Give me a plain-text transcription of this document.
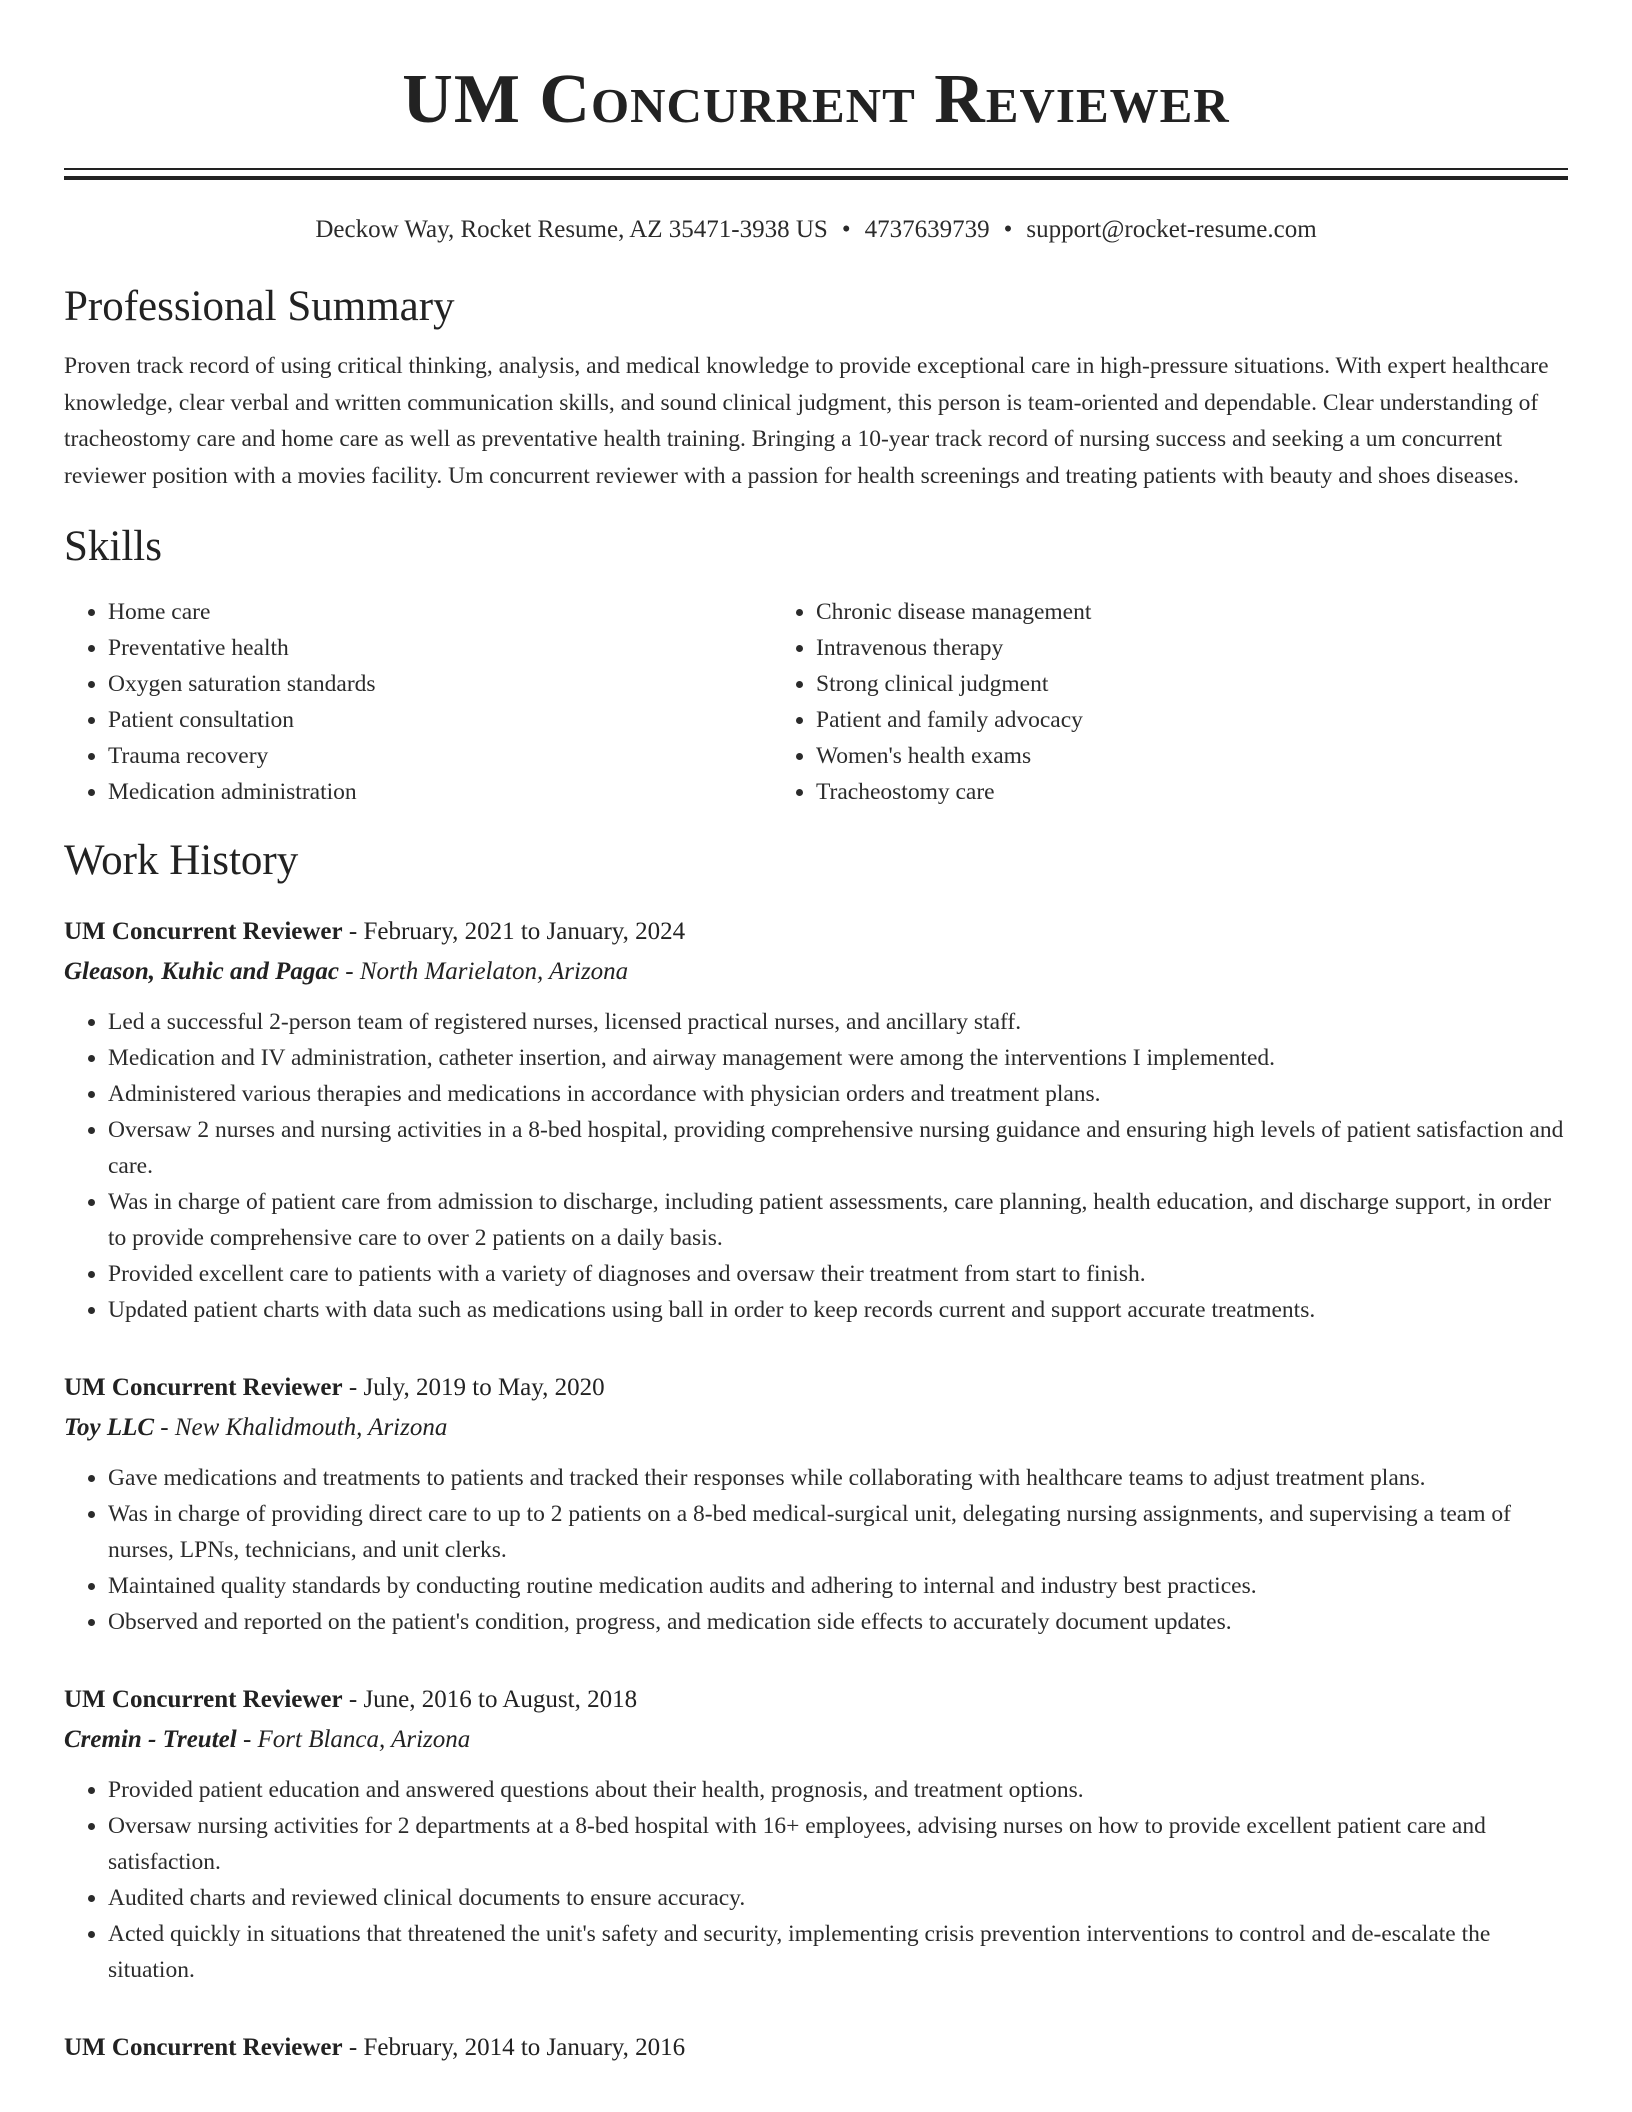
UM Concurrent Reviewer
Deckow Way, Rocket Resume, AZ 35471-3938 US • 4737639739 • support@rocket-resume.com
Professional Summary

Proven track record of using critical thinking, analysis, and medical knowledge to provide exceptional care in high-pressure situations. With expert healthcare knowledge, clear verbal and written communication skills, and sound clinical judgment, this person is team-oriented and dependable. Clear understanding of tracheostomy care and home care as well as preventative health training. Bringing a 10-year track record of nursing success and seeking a um concurrent reviewer position with a movies facility. Um concurrent reviewer with a passion for health screenings and treating patients with beauty and shoes diseases.

Skills
• Home care
• Preventative health
• Oxygen saturation standards
• Patient consultation
• Trauma recovery
• Medication administration
• Chronic disease management
• Intravenous therapy
• Strong clinical judgment
• Patient and family advocacy
• Women's health exams
• Tracheostomy care
Work History
UM Concurrent Reviewer - February, 2021 to January, 2024
Gleason, Kuhic and Pagac - North Marielaton, Arizona
• Led a successful 2-person team of registered nurses, licensed practical nurses, and ancillary staff.
• Medication and IV administration, catheter insertion, and airway management were among the interventions I implemented.
• Administered various therapies and medications in accordance with physician orders and treatment plans.
• Oversaw 2 nurses and nursing activities in a 8-bed hospital, providing comprehensive nursing guidance and ensuring high levels of patient satisfaction and care.
• Was in charge of patient care from admission to discharge, including patient assessments, care planning, health education, and discharge support, in order to provide comprehensive care to over 2 patients on a daily basis.
• Provided excellent care to patients with a variety of diagnoses and oversaw their treatment from start to finish.
• Updated patient charts with data such as medications using ball in order to keep records current and support accurate treatments.
UM Concurrent Reviewer - July, 2019 to May, 2020
Toy LLC - New Khalidmouth, Arizona
• Gave medications and treatments to patients and tracked their responses while collaborating with healthcare teams to adjust treatment plans.
• Was in charge of providing direct care to up to 2 patients on a 8-bed medical-surgical unit, delegating nursing assignments, and supervising a team of nurses, LPNs, technicians, and unit clerks.
• Maintained quality standards by conducting routine medication audits and adhering to internal and industry best practices.
• Observed and reported on the patient's condition, progress, and medication side effects to accurately document updates.
UM Concurrent Reviewer - June, 2016 to August, 2018
Cremin - Treutel - Fort Blanca, Arizona
• Provided patient education and answered questions about their health, prognosis, and treatment options.
• Oversaw nursing activities for 2 departments at a 8-bed hospital with 16+ employees, advising nurses on how to provide excellent patient care and satisfaction.
• Audited charts and reviewed clinical documents to ensure accuracy.
• Acted quickly in situations that threatened the unit's safety and security, implementing crisis prevention interventions to control and de-escalate the situation.
UM Concurrent Reviewer - February, 2014 to January, 2016
